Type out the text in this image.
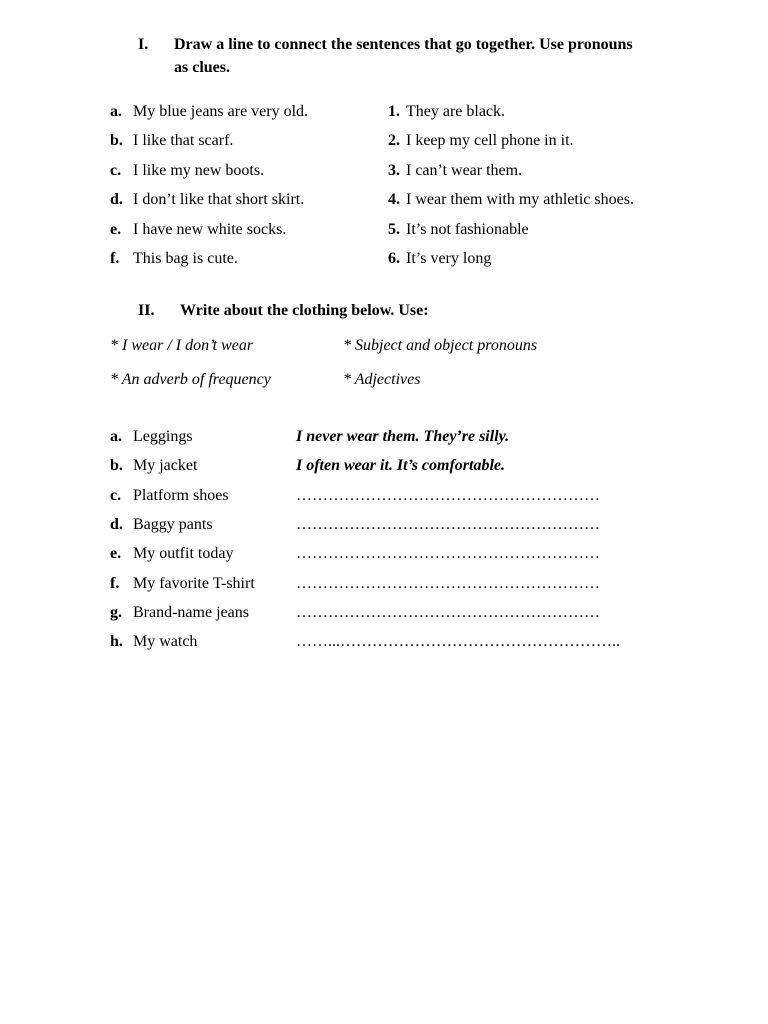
I. Draw a line to connect the sentences that go together. Use pronouns
as clues.
a. My blue jeans are very old.
b. I like that scarf.
c. I like my new boots.
d. I don’t like that short skirt.
e. I have new white socks.
f. This bag is cute.
1. They are black.
2. I keep my cell phone in it.
3. I can’t wear them.
4. I wear them with my athletic shoes.
5. It’s not fashionable
6. It’s very long
II. Write about the clothing below. Use:
* I wear / I don’t wear	* Subject and object pronouns
* An adverb of frequency	* Adjectives
a. Leggings	I never wear them. They’re silly.
b. My jacket	I often wear it. It’s comfortable.
c. Platform shoes	…………………………………………………
d. Baggy pants	…………………………………………………
e. My outfit today	…………………………………………………
f. My favorite T-shirt	…………………………………………………
g. Brand-name jeans	…………………………………………………
h. My watch	……...……………………………………………..
